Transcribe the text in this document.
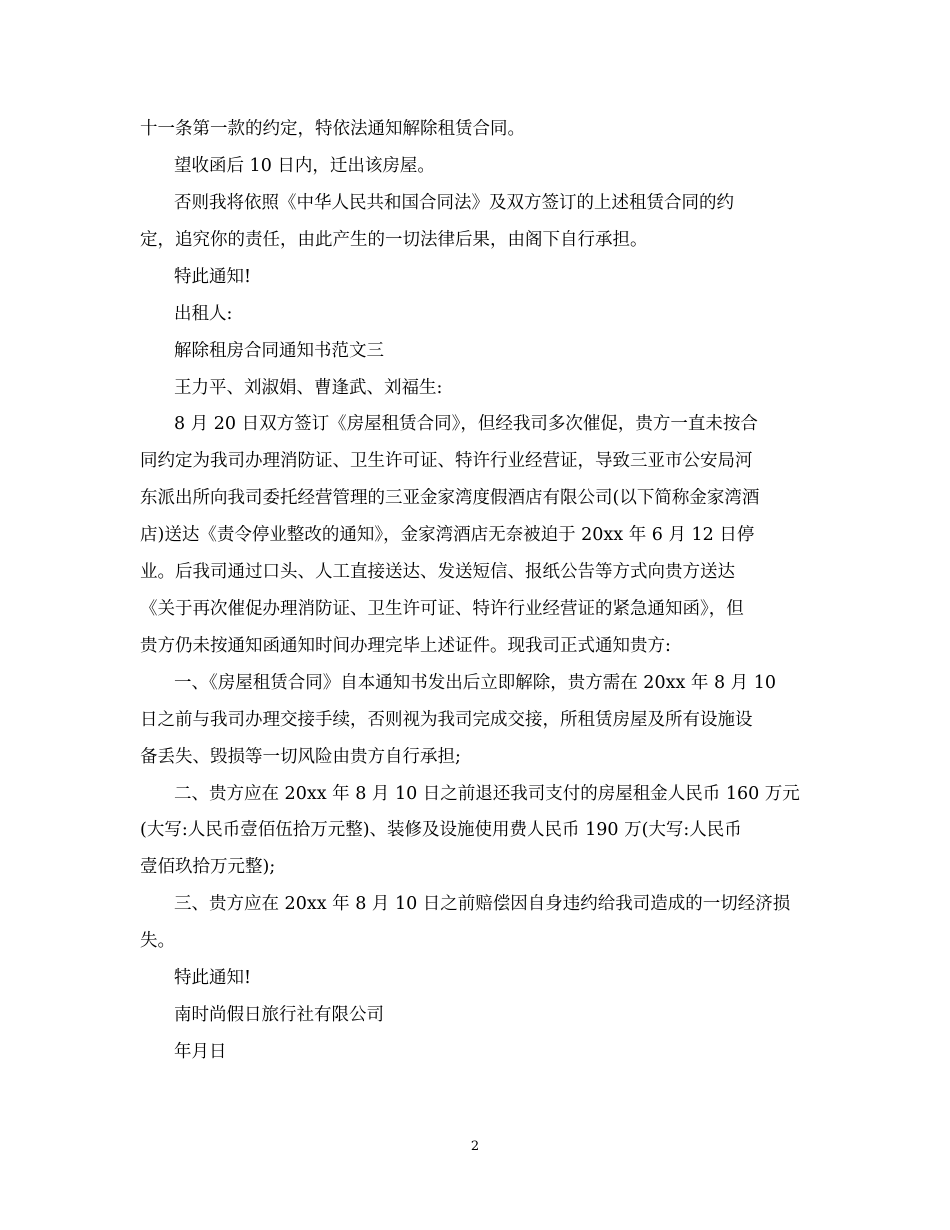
十一条第一款的约定，特依法通知解除租赁合同。
望收函后 10 日内，迁出该房屋。
否则我将依照《中华人民共和国合同法》及双方签订的上述租赁合同的约
定，追究你的责任，由此产生的一切法律后果，由阁下自行承担。
特此通知!
出租人:
解除租房合同通知书范文三
王力平、刘淑娟、曹逢武、刘福生:
8 月 20 日双方签订《房屋租赁合同》，但经我司多次催促，贵方一直未按合
同约定为我司办理消防证、卫生许可证、特许行业经营证，导致三亚市公安局河
东派出所向我司委托经营管理的三亚金家湾度假酒店有限公司(以下简称金家湾酒
店)送达《责令停业整改的通知》，金家湾酒店无奈被迫于 20xx 年 6 月 12 日停
业。后我司通过口头、人工直接送达、发送短信、报纸公告等方式向贵方送达
《关于再次催促办理消防证、卫生许可证、特许行业经营证的紧急通知函》，但
贵方仍未按通知函通知时间办理完毕上述证件。现我司正式通知贵方:
一、《房屋租赁合同》自本通知书发出后立即解除，贵方需在 20xx 年 8 月 10
日之前与我司办理交接手续，否则视为我司完成交接，所租赁房屋及所有设施设
备丢失、毁损等一切风险由贵方自行承担;
二、贵方应在 20xx 年 8 月 10 日之前退还我司支付的房屋租金人民币 160 万元
(大写:人民币壹佰伍拾万元整)、装修及设施使用费人民币 190 万(大写:人民币
壹佰玖拾万元整);
三、贵方应在 20xx 年 8 月 10 日之前赔偿因自身违约给我司造成的一切经济损
失。
特此通知!
南时尚假日旅行社有限公司
年月日
2
